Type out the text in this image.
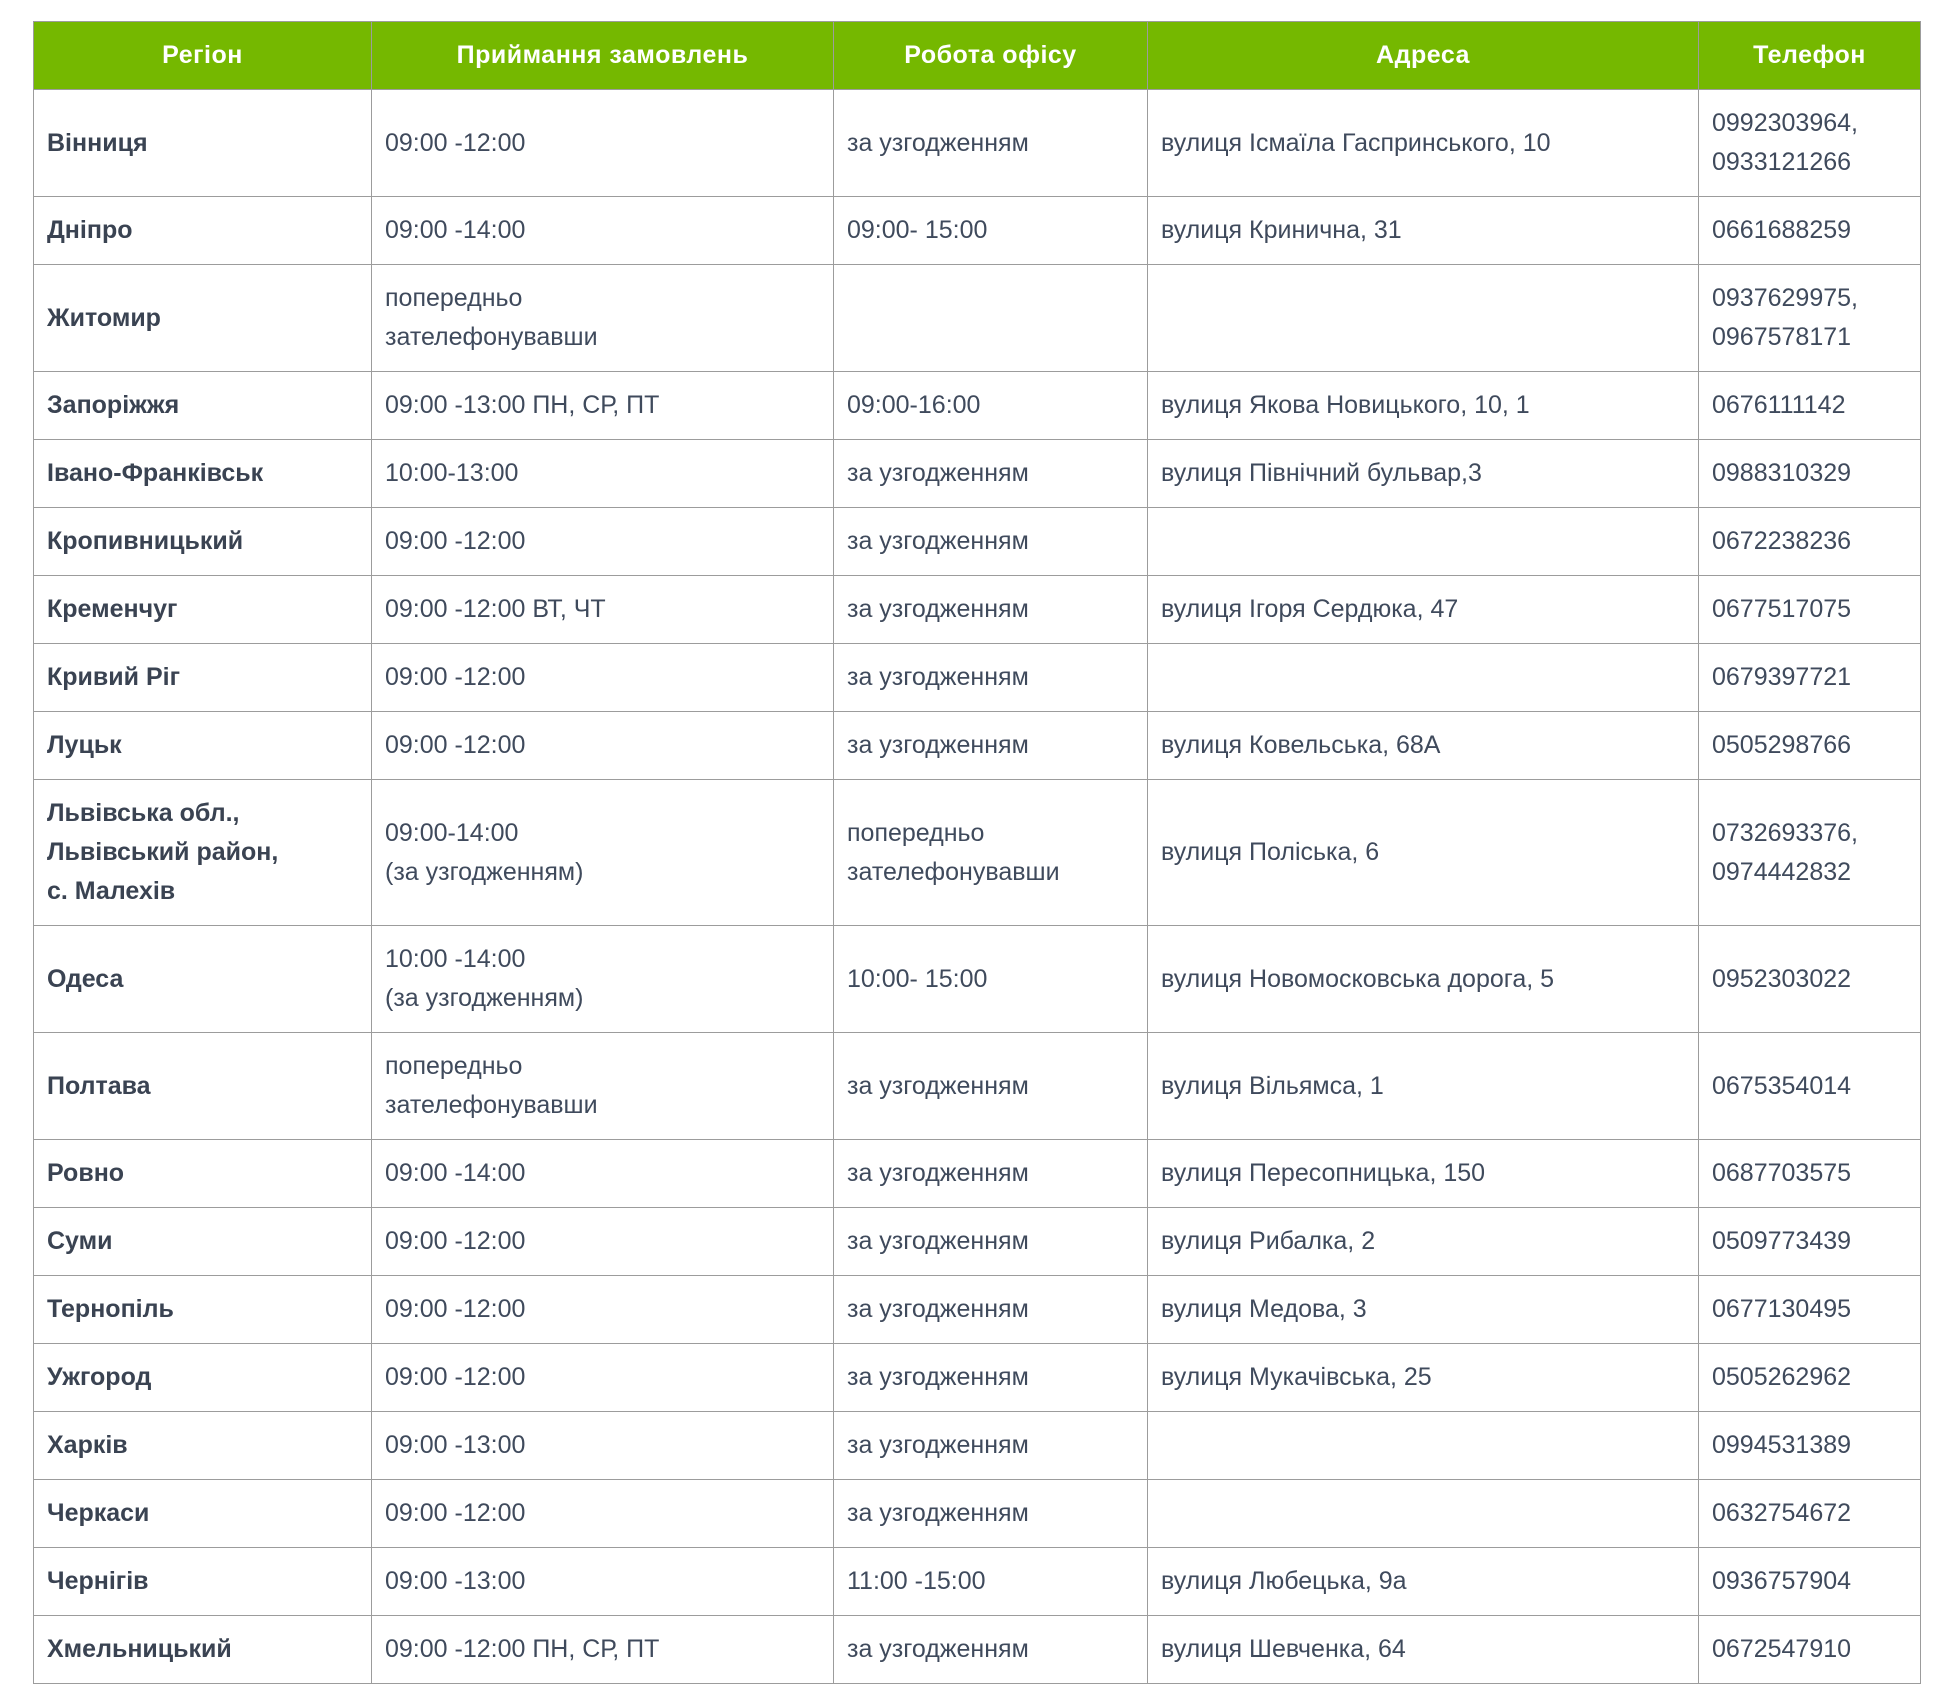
Регіон	Приймання замовлень	Робота офісу	Адреса	Телефон

Вінниця	09:00 -12:00	за узгодженням	вулиця Ісмаїла Гаспринського, 10	0992303964,
0933121266

Дніпро	09:00 -14:00	09:00- 15:00	вулиця Кринична, 31	0661688259

Житомир	попередньо
зателефонувавши			0937629975,
0967578171

Запоріжжя	09:00 -13:00 ПН, СР, ПТ	09:00-16:00	вулиця Якова Новицького, 10, 1	0676111142

Івано-Франківськ	10:00-13:00	за узгодженням	вулиця Північний бульвар,3	0988310329

Кропивницький	09:00 -12:00	за узгодженням		0672238236

Кременчуг	09:00 -12:00 ВТ, ЧТ	за узгодженням	вулиця Ігоря Сердюка, 47	0677517075

Кривий Ріг	09:00 -12:00	за узгодженням		0679397721

Луцьк	09:00 -12:00	за узгодженням	вулиця Ковельська, 68А	0505298766

Львівська обл.,
Львівський район,
с. Малехів	09:00-14:00
(за узгодженням)	попередньо
зателефонувавши	вулиця Поліська, 6	0732693376,
0974442832

Одеса	10:00 -14:00
(за узгодженням)	10:00- 15:00	вулиця Новомосковська дорога, 5	0952303022

Полтава	попередньо
зателефонувавши	за узгодженням	вулиця Вільямса, 1	0675354014

Ровно	09:00 -14:00	за узгодженням	вулиця Пересопницька, 150	0687703575

Суми	09:00 -12:00	за узгодженням	вулиця Рибалка, 2	0509773439

Тернопіль	09:00 -12:00	за узгодженням	вулиця Медова, 3	0677130495

Ужгород	09:00 -12:00	за узгодженням	вулиця Мукачівська, 25	0505262962

Харків	09:00 -13:00	за узгодженням		0994531389

Черкаси	09:00 -12:00	за узгодженням		0632754672

Чернігів	09:00 -13:00	11:00 -15:00	вулиця Любецька, 9а	0936757904

Хмельницький	09:00 -12:00 ПН, СР, ПТ	за узгодженням	вулиця Шевченка, 64	0672547910
